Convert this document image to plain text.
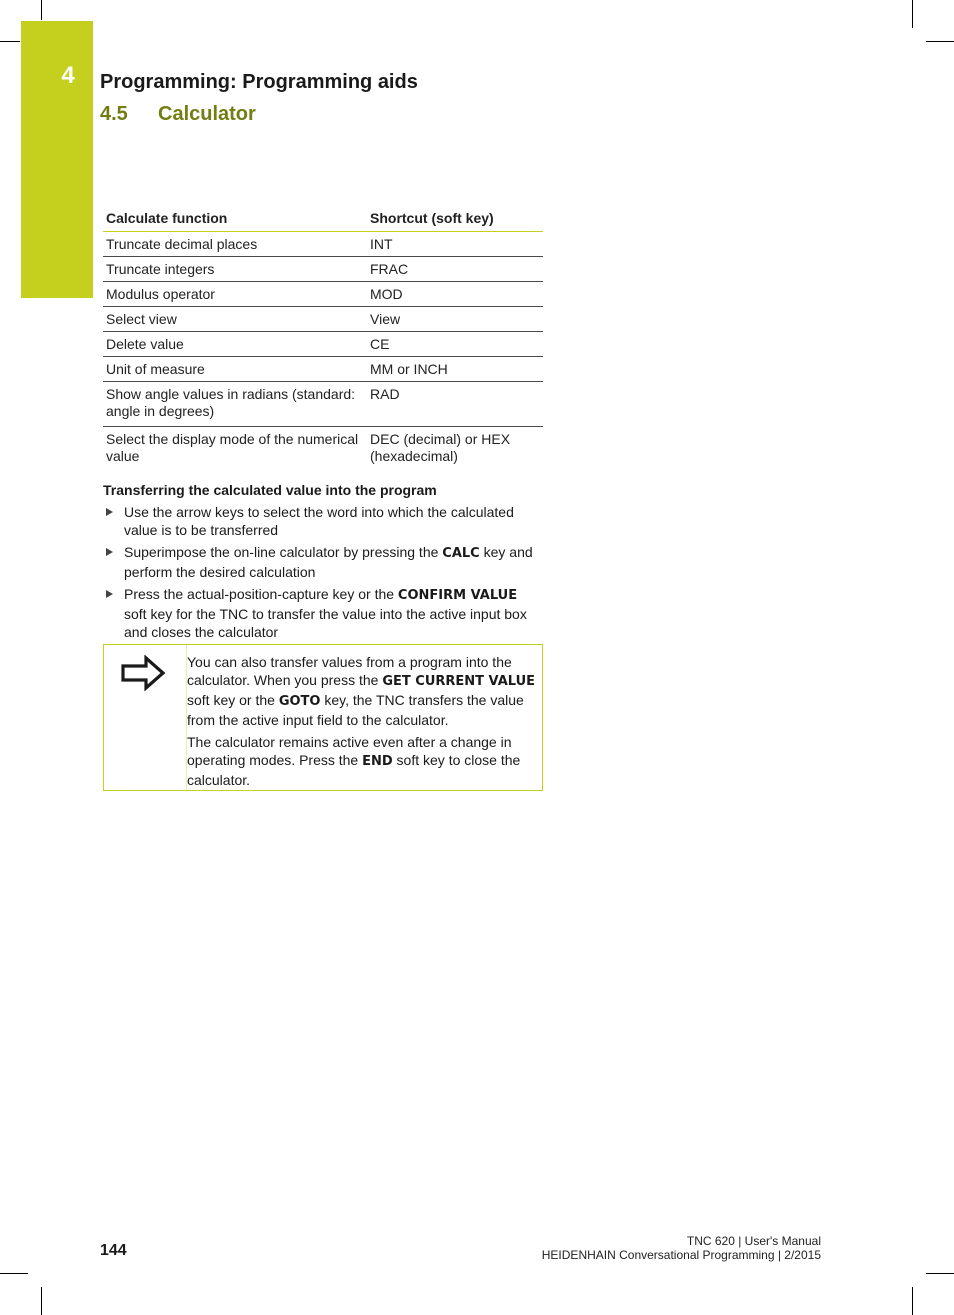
4 Programming: Programming aids
4.5 Calculator
Calculate function	Shortcut (soft key)
Truncate decimal places	INT
Truncate integers	FRAC
Modulus operator	MOD
Select view	View
Delete value	CE
Unit of measure	MM or INCH
Show angle values in radians (standard: angle in degrees)	RAD
Select the display mode of the numerical value	DEC (decimal) or HEX (hexadecimal)
Transferring the calculated value into the program
Use the arrow keys to select the word into which the calculated value is to be transferred
Superimpose the on-line calculator by pressing the CALC key and perform the desired calculation
Press the actual-position-capture key or the CONFIRM VALUE soft key for the TNC to transfer the value into the active input box and closes the calculator

You can also transfer values from a program into the calculator. When you press the GET CURRENT VALUE soft key or the GOTO key, the TNC transfers the value from the active input field to the calculator.

The calculator remains active even after a change in operating modes. Press the END soft key to close the calculator.

144
TNC 620 | User's Manual
HEIDENHAIN Conversational Programming | 2/2015
